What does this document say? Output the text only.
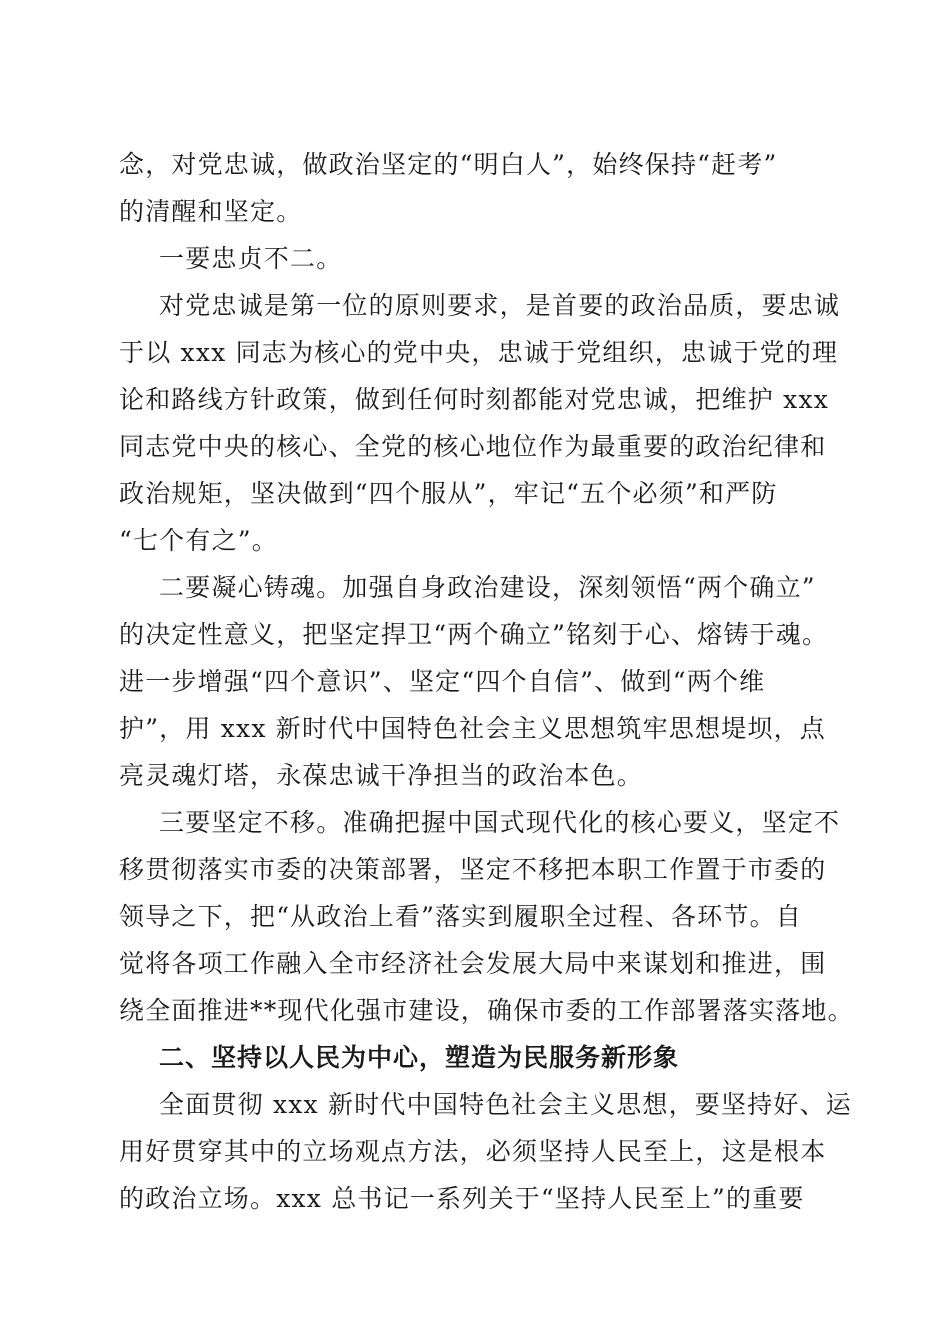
念，对党忠诚，做政治坚定的“明白人”，始终保持“赶考”
的清醒和坚定。
一要忠贞不二。
对党忠诚是第一位的原则要求，是首要的政治品质，要忠诚
于以 xxx 同志为核心的党中央，忠诚于党组织，忠诚于党的理
论和路线方针政策，做到任何时刻都能对党忠诚，把维护 xxx
同志党中央的核心、全党的核心地位作为最重要的政治纪律和
政治规矩，坚决做到“四个服从”，牢记“五个必须”和严防
“七个有之”。
二要凝心铸魂。加强自身政治建设，深刻领悟“两个确立”
的决定性意义，把坚定捍卫“两个确立”铭刻于心、熔铸于魂。
进一步增强“四个意识”、坚定“四个自信”、做到“两个维
护”，用 xxx 新时代中国特色社会主义思想筑牢思想堤坝，点
亮灵魂灯塔，永葆忠诚干净担当的政治本色。
三要坚定不移。准确把握中国式现代化的核心要义，坚定不
移贯彻落实市委的决策部署，坚定不移把本职工作置于市委的
领导之下，把“从政治上看”落实到履职全过程、各环节。自
觉将各项工作融入全市经济社会发展大局中来谋划和推进，围
绕全面推进**现代化强市建设，确保市委的工作部署落实落地。
二、坚持以人民为中心，塑造为民服务新形象
全面贯彻 xxx 新时代中国特色社会主义思想，要坚持好、运
用好贯穿其中的立场观点方法，必须坚持人民至上，这是根本
的政治立场。xxx 总书记一系列关于“坚持人民至上”的重要
